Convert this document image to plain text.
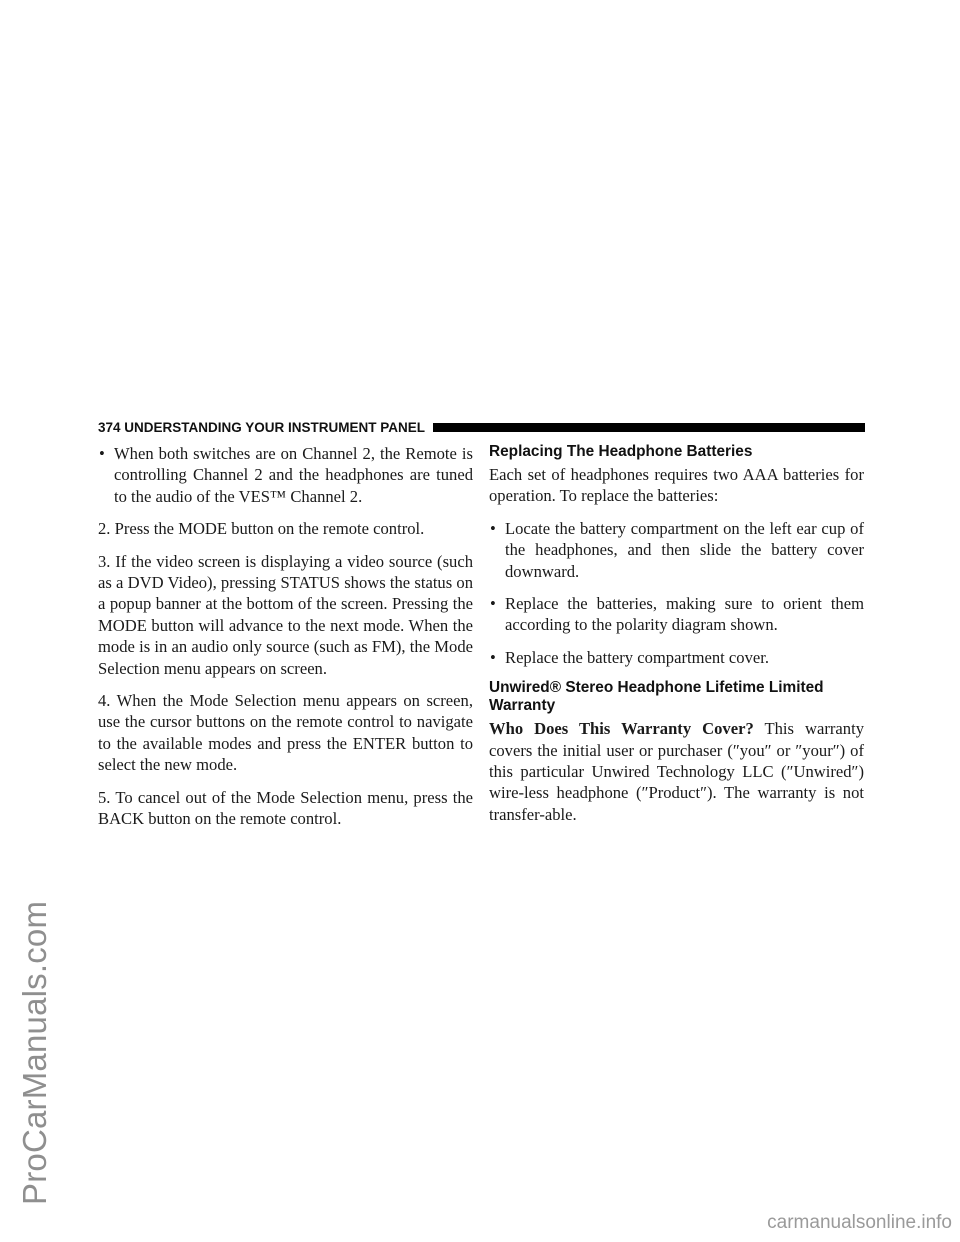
ProCarManuals.com
374 UNDERSTANDING YOUR INSTRUMENT PANEL
• When both switches are on Channel 2, the Remote is controlling Channel 2 and the headphones are tuned to the audio of the VES™ Channel 2.

2. Press the MODE button on the remote control.

3. If the video screen is displaying a video source (such as a DVD Video), pressing STATUS shows the status on a popup banner at the bottom of the screen. Pressing the MODE button will advance to the next mode. When the mode is in an audio only source (such as FM), the Mode Selection menu appears on screen.

4. When the Mode Selection menu appears on screen, use the cursor buttons on the remote control to navigate to the available modes and press the ENTER button to select the new mode.

5. To cancel out of the Mode Selection menu, press the BACK button on the remote control.

Replacing The Headphone Batteries

Each set of headphones requires two AAA batteries for operation. To replace the batteries:

• Locate the battery compartment on the left ear cup of the headphones, and then slide the battery cover downward.
• Replace the batteries, making sure to orient them according to the polarity diagram shown.
• Replace the battery compartment cover.
Unwired® Stereo Headphone Lifetime Limited Warranty

Who Does This Warranty Cover? This warranty covers the initial user or purchaser (″you″ or ″your″) of this particular Unwired Technology LLC (″Unwired″) wire-less headphone (″Product″). The warranty is not transfer-able.

carmanualsonline.info
